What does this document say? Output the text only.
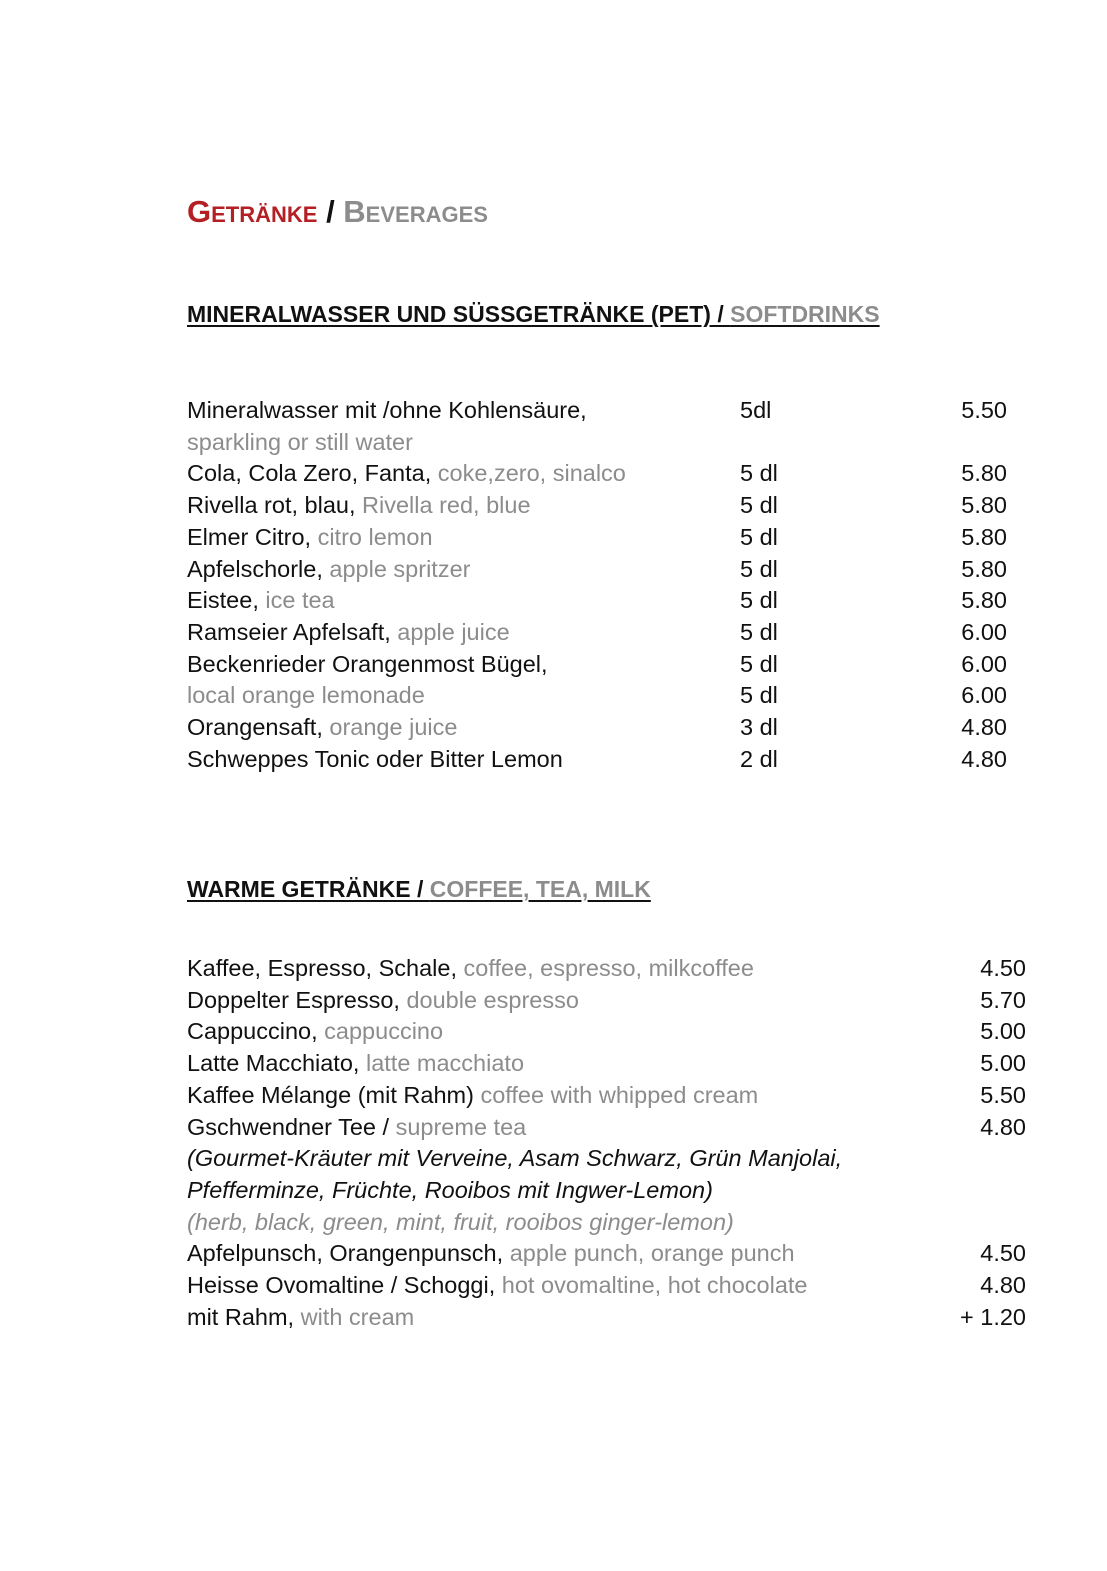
Getränke / Beverages
MINERALWASSER UND SÜSSGETRÄNKE (PET) / SOFTDRINKS
Mineralwasser mit /ohne Kohlensäure,	5dl	5.50
sparkling or still water
Cola, Cola Zero, Fanta, coke,zero, sinalco	5 dl	5.80
Rivella rot, blau, Rivella red, blue	5 dl	5.80
Elmer Citro, citro lemon	5 dl	5.80
Apfelschorle, apple spritzer	5 dl	5.80
Eistee, ice tea	5 dl	5.80
Ramseier Apfelsaft, apple juice	5 dl	6.00
Beckenrieder Orangenmost Bügel,	5 dl	6.00
local orange lemonade	5 dl	6.00
Orangensaft, orange juice	3 dl	4.80
Schweppes Tonic oder Bitter Lemon	2 dl	4.80
WARME GETRÄNKE / COFFEE, TEA, MILK
Kaffee, Espresso, Schale, coffee, espresso, milkcoffee	4.50
Doppelter Espresso, double espresso	5.70
Cappuccino, cappuccino	5.00
Latte Macchiato, latte macchiato	5.00
Kaffee Mélange (mit Rahm) coffee with whipped cream	5.50
Gschwendner Tee / supreme tea	4.80
(Gourmet-Kräuter mit Verveine, Asam Schwarz, Grün Manjolai,
Pfefferminze, Früchte, Rooibos mit Ingwer-Lemon)
(herb, black, green, mint, fruit, rooibos ginger-lemon)
Apfelpunsch, Orangenpunsch, apple punch, orange punch	4.50
Heisse Ovomaltine / Schoggi, hot ovomaltine, hot chocolate	4.80
mit Rahm, with cream	+ 1.20
